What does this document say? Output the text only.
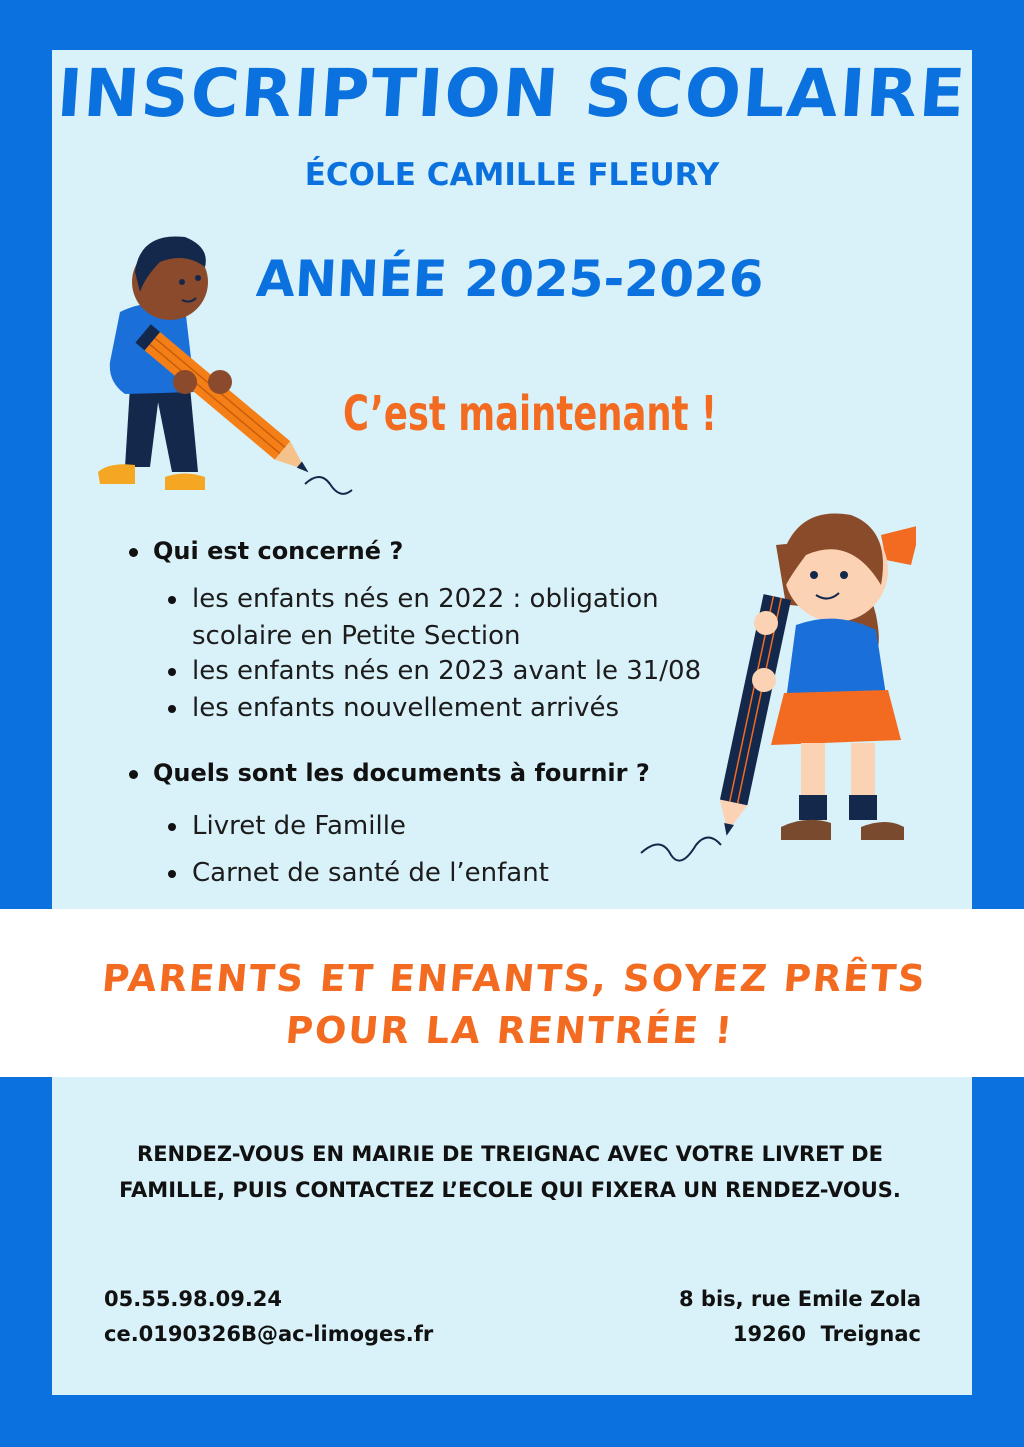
INSCRIPTION SCOLAIRE
ÉCOLE CAMILLE FLEURY
ANNÉE 2025-2026
C’est maintenant !
Qui est concerné ?
les enfants nés en 2022 : obligation scolaire en Petite Section
les enfants nés en 2023 avant le 31/08
les enfants nouvellement arrivés
Quels sont les documents à fournir ?
Livret de Famille
Carnet de santé de l’enfant
PARENTS ET ENFANTS, SOYEZ PRÊTS
POUR LA RENTRÉE !
RENDEZ-VOUS EN MAIRIE DE TREIGNAC AVEC VOTRE LIVRET DE
FAMILLE, PUIS CONTACTEZ L’ECOLE QUI FIXERA UN RENDEZ-VOUS.
05.55.98.09.24
ce.0190326B@ac-limoges.fr
8 bis, rue Emile Zola
19260  Treignac
